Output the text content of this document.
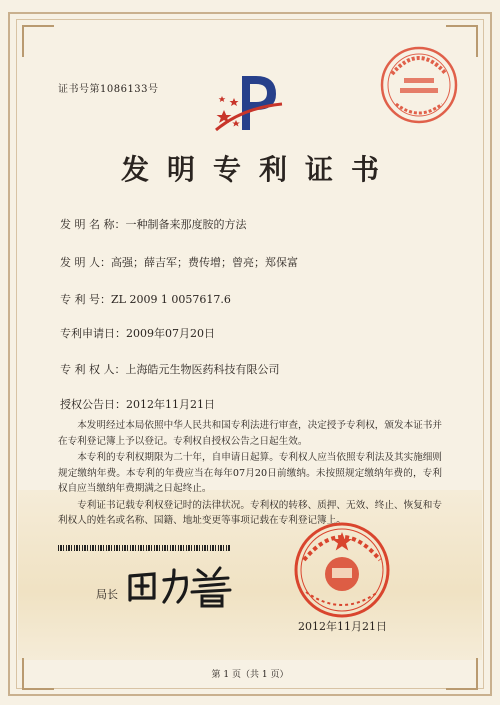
证书号第1086133号
发明专利证书
发 明 名 称：一种制备来那度胺的方法
发 明 人：高强；薛吉军；费传增；曾亮；郑保富
专 利 号：ZL 2009 1 0057617.6
专利申请日：2009年07月20日
专 利 权 人：上海皓元生物医药科技有限公司
授权公告日：2012年11月21日

本发明经过本局依照中华人民共和国专利法进行审查，决定授予专利权，颁发本证书并在专利登记簿上予以登记。专利权自授权公告之日起生效。

本专利的专利权期限为二十年，自申请日起算。专利权人应当依照专利法及其实施细则规定缴纳年费。本专利的年费应当在每年07月20日前缴纳。未按照规定缴纳年费的，专利权自应当缴纳年费期满之日起终止。

专利证书记载专利权登记时的法律状况。专利权的转移、质押、无效、终止、恢复和专利权人的姓名或名称、国籍、地址变更等事项记载在专利登记簿上。

局长
2012年11月21日
第 1 页（共 1 页）
